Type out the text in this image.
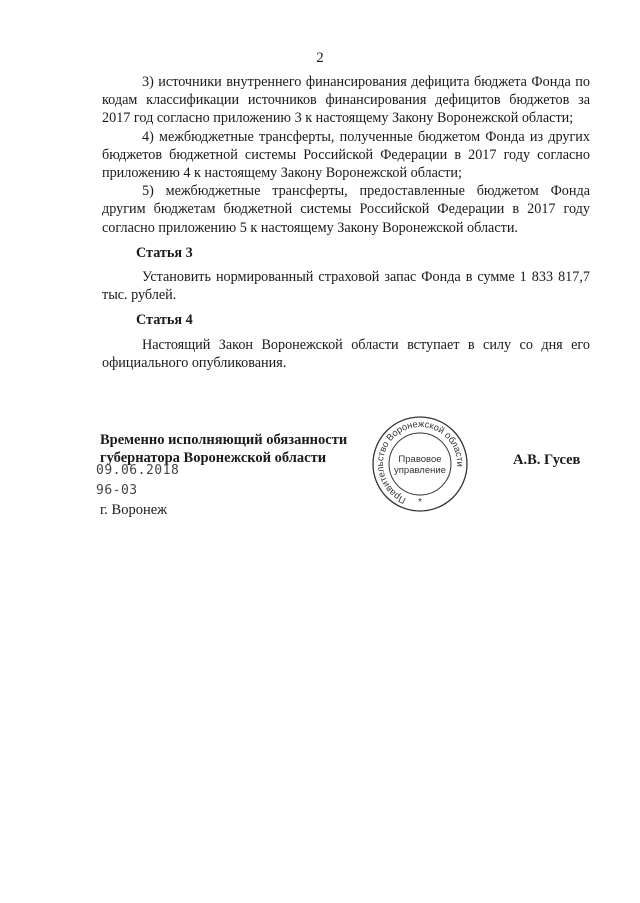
2

3) источники внутреннего финансирования дефицита бюджета Фонда по кодам классификации источников финансирования дефицитов бюджетов за 2017 год согласно приложению 3 к настоящему Закону Воронежской области;

4) межбюджетные трансферты, полученные бюджетом Фонда из других бюджетов бюджетной системы Российской Федерации в 2017 году согласно приложению 4 к настоящему Закону Воронежской области;

5) межбюджетные трансферты, предоставленные бюджетом Фонда другим бюджетам бюджетной системы Российской Федерации в 2017 году согласно приложению 5 к настоящему Закону Воронежской области.

Статья 3

Установить нормированный страховой запас Фонда в сумме 1 833 817,7 тыс. рублей.

Статья 4

Настоящий Закон Воронежской области вступает в силу со дня его официального опубликования.

Временно исполняющий обязанности
губернатора Воронежской области
Правительство Воронежской области
Правовое
управление
*
А.В. Гусев
09.06.2018
96-03
г. Воронеж
